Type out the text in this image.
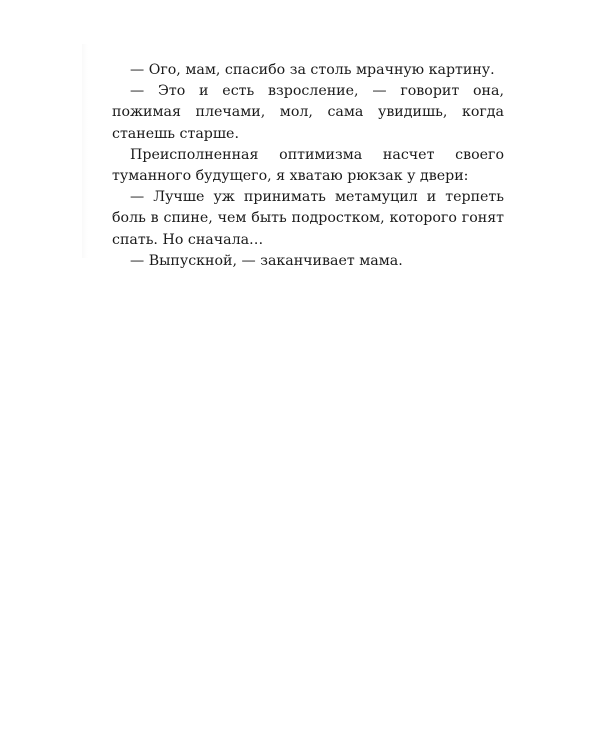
— Ого, мам, спасибо за столь мрачную картину.

— Это и есть взросление, — говорит она, пожимая плечами, мол, сама увидишь, когда станешь старше.

Преисполненная оптимизма насчет своего туманного будущего, я хватаю рюкзак у двери:

— Лучше уж принимать метамуцил и терпеть боль в спине, чем быть подростком, которого гонят спать. Но сначала…

— Выпускной, — заканчивает мама.
